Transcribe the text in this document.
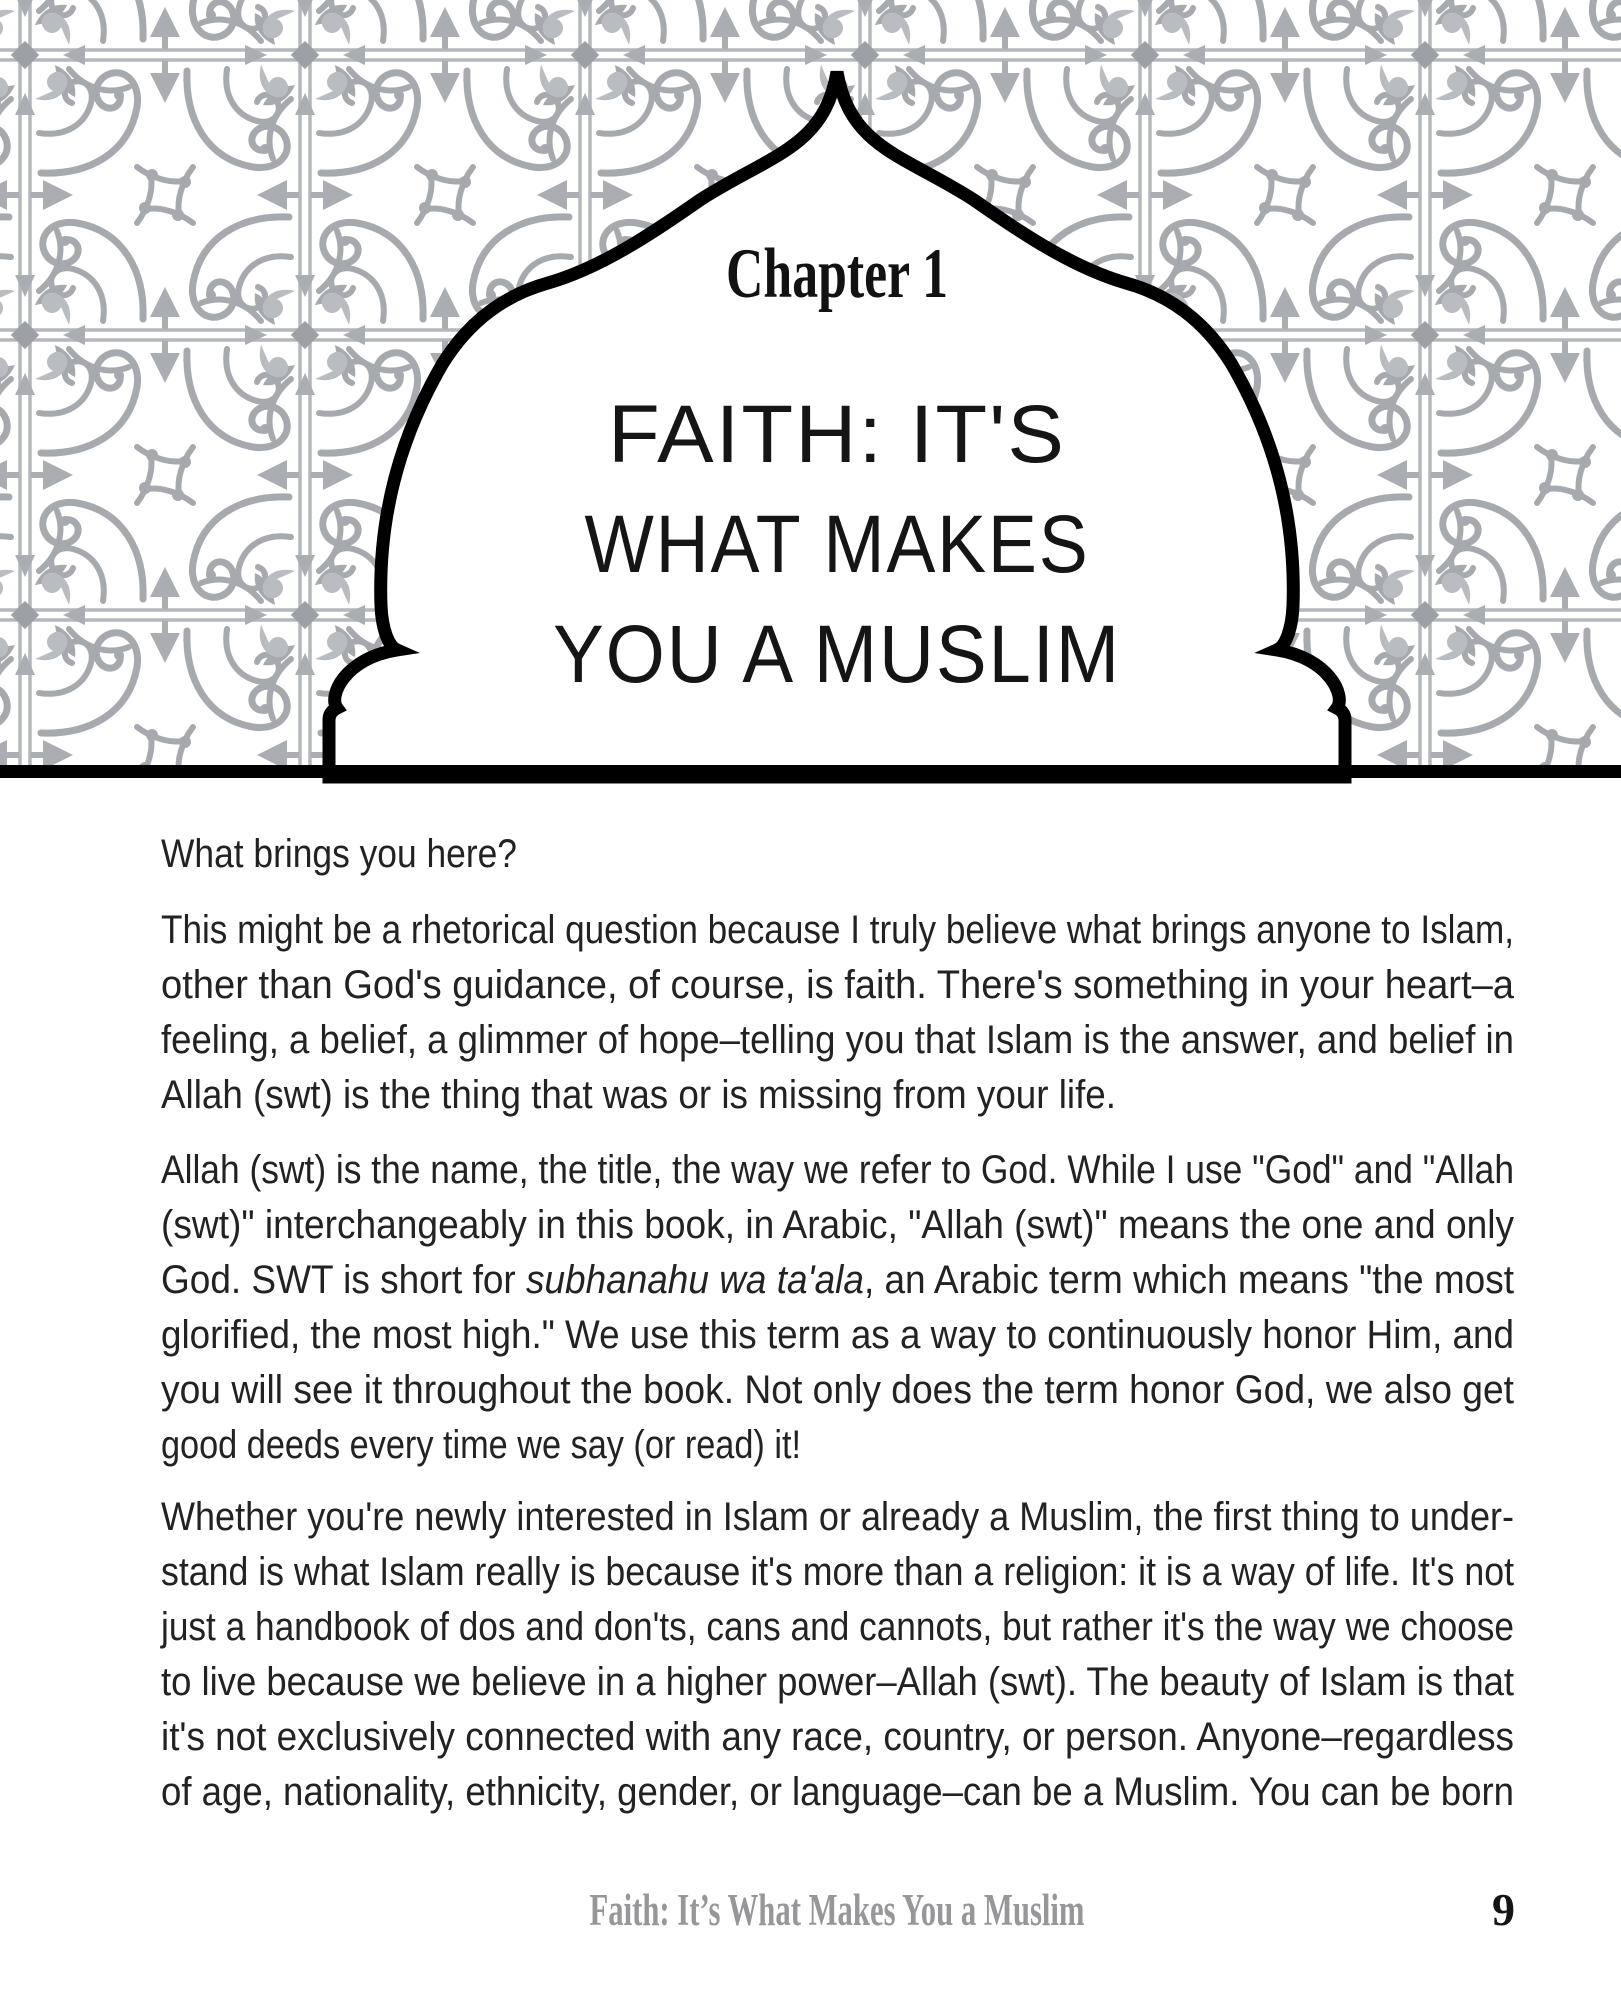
Chapter 1
FAITH: IT'S
WHAT MAKES
YOU A MUSLIM
What brings you here?
This might be a rhetorical question because I truly believe what brings anyone to Islam,
other than God's guidance, of course, is faith. There's something in your heart–a
feeling, a belief, a glimmer of hope–telling you that Islam is the answer, and belief in
Allah (swt) is the thing that was or is missing from your life.
Allah (swt) is the name, the title, the way we refer to God. While I use "God" and "Allah
(swt)" interchangeably in this book, in Arabic, "Allah (swt)" means the one and only
God. SWT is short for subhanahu wa ta'ala, an Arabic term which means "the most
glorified, the most high." We use this term as a way to continuously honor Him, and
you will see it throughout the book. Not only does the term honor God, we also get
good deeds every time we say (or read) it!
Whether you're newly interested in Islam or already a Muslim, the first thing to under-
stand is what Islam really is because it's more than a religion: it is a way of life. It's not
just a handbook of dos and don'ts, cans and cannots, but rather it's the way we choose
to live because we believe in a higher power–Allah (swt). The beauty of Islam is that
it's not exclusively connected with any race, country, or person. Anyone–regardless
of age, nationality, ethnicity, gender, or language–can be a Muslim. You can be born
Faith: It’s What Makes You a Muslim	9
